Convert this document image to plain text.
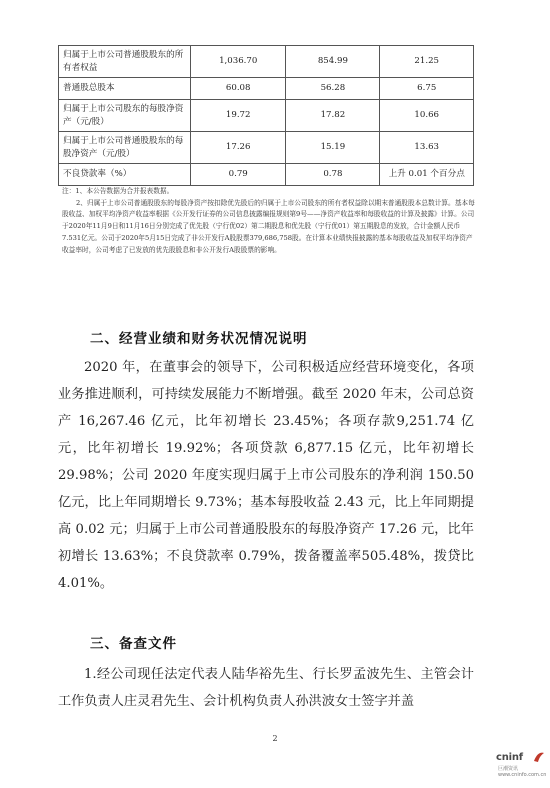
归属于上市公司普通股股东的所有者权益	1,036.70	854.99	21.25
普通股总股本	60.08	56.28	6.75
归属于上市公司股东的每股净资产（元/股）	19.72	17.82	10.66
归属于上市公司普通股股东的每股净资产（元/股）	17.26	15.19	13.63
不良贷款率（%）	0.79	0.78	上升 0.01 个百分点

注：1、本公告数据为合并报表数据。

2、归属于上市公司普通股股东的每股净资产按扣除优先股后的归属于上市公司股东的所有者权益除以期末普通股股本总数计算。基本每股收益、加权平均净资产收益率根据《公开发行证券的公司信息披露编报规则第9号——净资产收益率和每股收益的计算及披露》计算。公司于2020年11月9日和11月16日分别完成了优先股（宁行优02）第二期股息和优先股（宁行优01）第五期股息的发放，合计金额人民币7.531亿元。公司于2020年5月15日完成了非公开发行A股股票379,686,758股。在计算本业绩快报披露的基本每股收益及加权平均净资产收益率时，公司考虑了已发放的优先股股息和非公开发行A股股票的影响。

二、经营业绩和财务状况情况说明

2020 年，在董事会的领导下，公司积极适应经营环境变化，各项业务推进顺利，可持续发展能力不断增强。截至 2020 年末，公司总资产 16,267.46 亿元，比年初增长 23.45%；各项存款9,251.74 亿元，比年初增长 19.92%；各项贷款 6,877.15 亿元，比年初增长 29.98%；公司 2020 年度实现归属于上市公司股东的净利润 150.50 亿元，比上年同期增长 9.73%；基本每股收益 2.43 元，比上年同期提高 0.02 元；归属于上市公司普通股股东的每股净资产 17.26 元，比年初增长 13.63%；不良贷款率 0.79%，拨备覆盖率505.48%，拨贷比 4.01%。

三、备查文件

1.经公司现任法定代表人陆华裕先生、行长罗孟波先生、主管会计工作负责人庄灵君先生、会计机构负责人孙洪波女士签字并盖

2
cninf
巨潮资讯
www.cninfo.com.cn
